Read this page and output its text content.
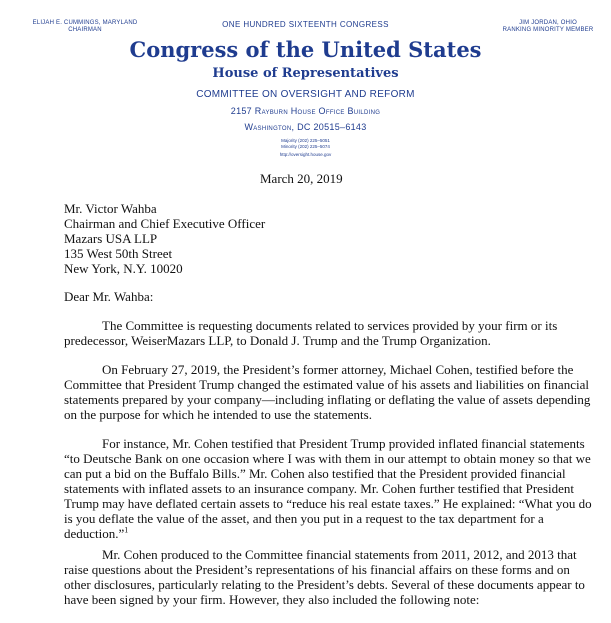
ELIJAH E. CUMMINGS, MARYLAND
CHAIRMAN
ONE HUNDRED SIXTEENTH CONGRESS	JIM JORDAN, OHIO
RANKING MINORITY MEMBER
Congress of the United States
House of Representatives
COMMITTEE ON OVERSIGHT AND REFORM
2157 Rayburn House Office Building
Washington, DC 20515–6143
Majority (202) 225–5051
Minority (202) 225–5074
http://oversight.house.gov
March 20, 2019
Mr. Victor Wahba
Chairman and Chief Executive Officer
Mazars USA LLP
135 West 50th Street
New York, N.Y. 10020
Dear Mr. Wahba:
The Committee is requesting documents related to services provided by your firm or its predecessor, WeiserMazars LLP, to Donald J. Trump and the Trump Organization.
On February 27, 2019, the President’s former attorney, Michael Cohen, testified before the Committee that President Trump changed the estimated value of his assets and liabilities on financial statements prepared by your company—including inflating or deflating the value of assets depending on the purpose for which he intended to use the statements.
For instance, Mr. Cohen testified that President Trump provided inflated financial statements “to Deutsche Bank on one occasion where I was with them in our attempt to obtain money so that we can put a bid on the Buffalo Bills.” Mr. Cohen also testified that the President provided financial statements with inflated assets to an insurance company. Mr. Cohen further testified that President Trump may have deflated certain assets to “reduce his real estate taxes.” He explained: “What you do is you deflate the value of the asset, and then you put in a request to the tax department for a deduction.”$^1$
Mr. Cohen produced to the Committee financial statements from 2011, 2012, and 2013 that raise questions about the President’s representations of his financial affairs on these forms and on other disclosures, particularly relating to the President’s debts. Several of these documents appear to have been signed by your firm. However, they also included the following note:
